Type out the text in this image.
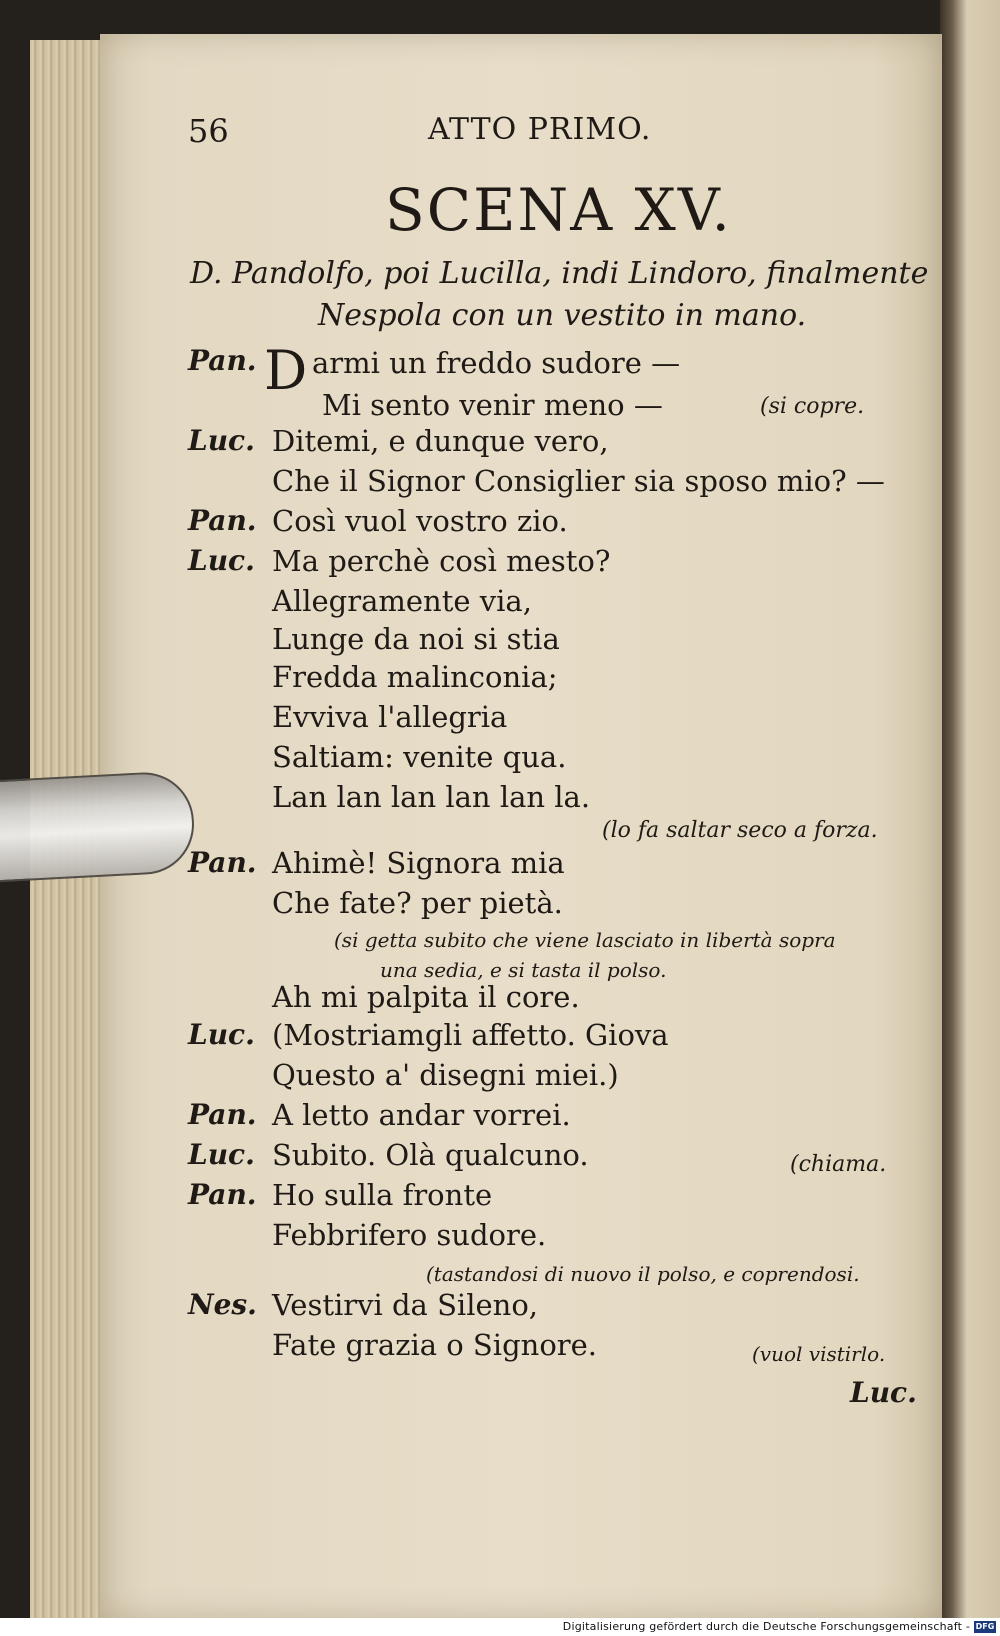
56	ATTO PRIMO.
SCENA XV.
D. Pandolfo, poi Lucilla, indi Lindoro, finalmente
Nespola con un vestito in mano.
Pan. D armi un freddo sudore —
Mi sento venir meno —	(si copre.
Luc. Ditemi, e dunque vero,
Che il Signor Consiglier sia sposo mio? —
Pan. Così vuol vostro zio.
Luc. Ma perchè così mesto?
Allegramente via,
Lunge da noi si stia
Fredda malinconia;
Evviva l'allegria
Saltiam: venite qua.
Lan lan lan lan lan la.
(lo fa saltar seco a forza.
Pan. Ahimè! Signora mia
Che fate? per pietà.
(si getta subito che viene lasciato in libertà sopra
una sedia, e si tasta il polso.
Ah mi palpita il core.
Luc. (Mostriamgli affetto. Giova
Questo a' disegni miei.)
Pan. A letto andar vorrei.
Luc. Subito. Olà qualcuno.	(chiama.
Pan. Ho sulla fronte
Febbrifero sudore.
(tastandosi di nuovo il polso, e coprendosi.
Nes. Vestirvi da Sileno,
Fate grazia o Signore.	(vuol vistirlo.
Luc.
Digitalisierung gefördert durch die Deutsche Forschungsgemeinschaft - DFG
